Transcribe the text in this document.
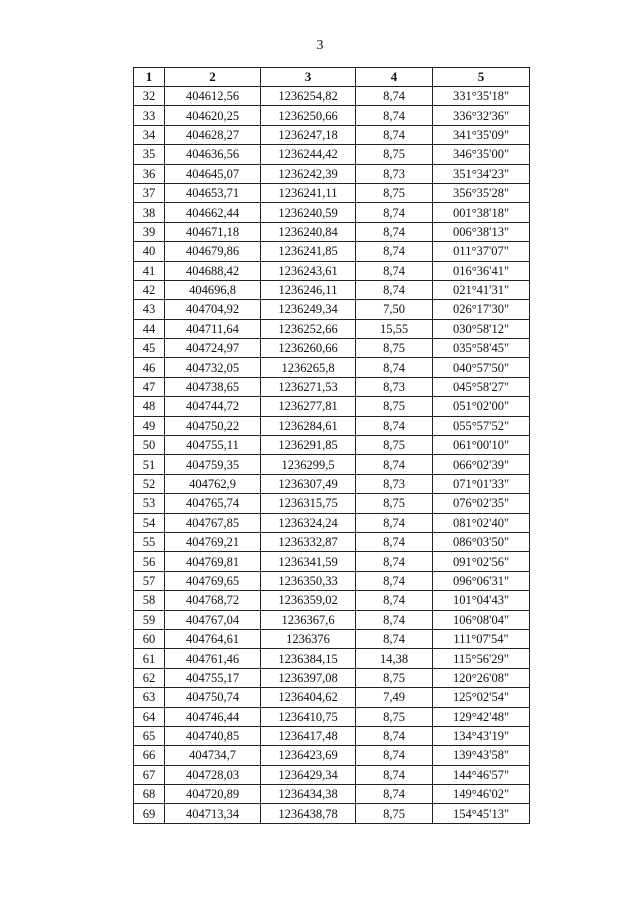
3
1	2	3	4	5
32	404612,56	1236254,82	8,74	331°35'18"
33	404620,25	1236250,66	8,74	336°32'36"
34	404628,27	1236247,18	8,74	341°35'09"
35	404636,56	1236244,42	8,75	346°35'00"
36	404645,07	1236242,39	8,73	351°34'23"
37	404653,71	1236241,11	8,75	356°35'28"
38	404662,44	1236240,59	8,74	001°38'18"
39	404671,18	1236240,84	8,74	006°38'13"
40	404679,86	1236241,85	8,74	011°37'07"
41	404688,42	1236243,61	8,74	016°36'41"
42	404696,8	1236246,11	8,74	021°41'31"
43	404704,92	1236249,34	7,50	026°17'30"
44	404711,64	1236252,66	15,55	030°58'12"
45	404724,97	1236260,66	8,75	035°58'45"
46	404732,05	1236265,8	8,74	040°57'50"
47	404738,65	1236271,53	8,73	045°58'27"
48	404744,72	1236277,81	8,75	051°02'00"
49	404750,22	1236284,61	8,74	055°57'52"
50	404755,11	1236291,85	8,75	061°00'10"
51	404759,35	1236299,5	8,74	066°02'39"
52	404762,9	1236307,49	8,73	071°01'33"
53	404765,74	1236315,75	8,75	076°02'35"
54	404767,85	1236324,24	8,74	081°02'40"
55	404769,21	1236332,87	8,74	086°03'50"
56	404769,81	1236341,59	8,74	091°02'56"
57	404769,65	1236350,33	8,74	096°06'31"
58	404768,72	1236359,02	8,74	101°04'43"
59	404767,04	1236367,6	8,74	106°08'04"
60	404764,61	1236376	8,74	111°07'54"
61	404761,46	1236384,15	14,38	115°56'29"
62	404755,17	1236397,08	8,75	120°26'08"
63	404750,74	1236404,62	7,49	125°02'54"
64	404746,44	1236410,75	8,75	129°42'48"
65	404740,85	1236417,48	8,74	134°43'19"
66	404734,7	1236423,69	8,74	139°43'58"
67	404728,03	1236429,34	8,74	144°46'57"
68	404720,89	1236434,38	8,74	149°46'02"
69	404713,34	1236438,78	8,75	154°45'13"
